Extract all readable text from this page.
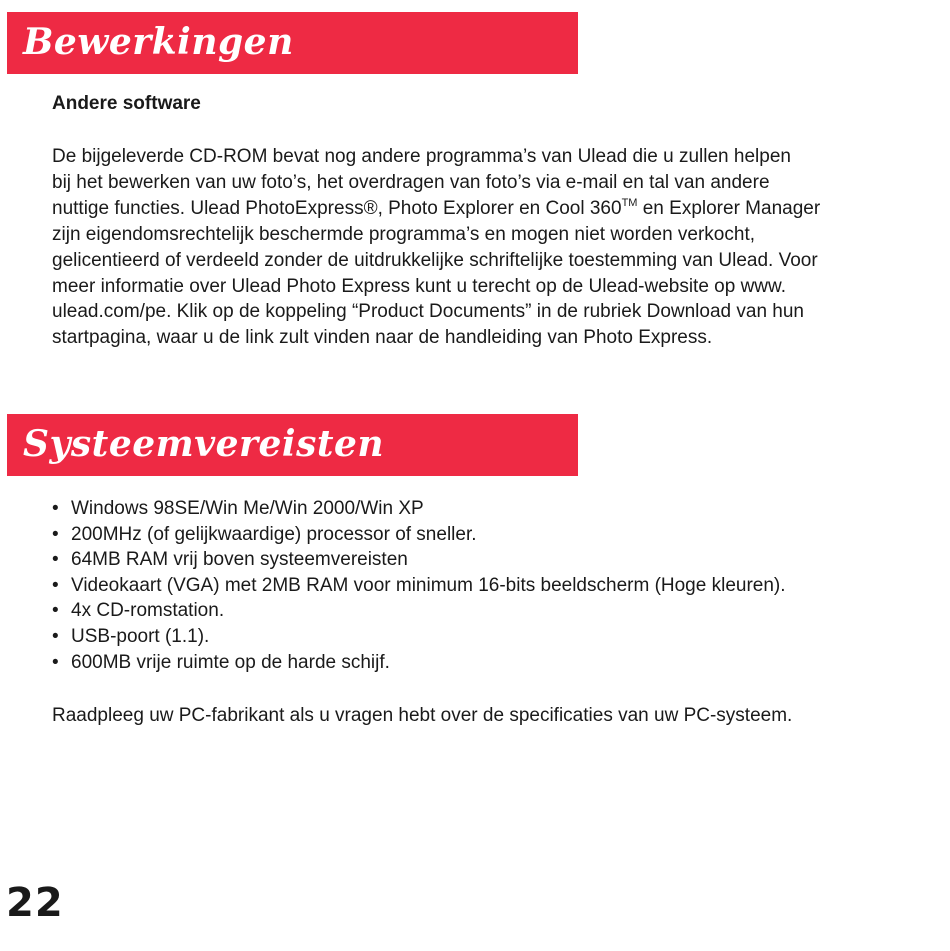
Bewerkingen
Andere software

De bijgeleverde CD-ROM bevat nog andere programma’s van Ulead die u zullen helpen
bij het bewerken van uw foto’s, het overdragen van foto’s via e-mail en tal van andere
nuttige functies. Ulead PhotoExpress®, Photo Explorer en Cool 360™ en Explorer Manager
zijn eigendomsrechtelijk beschermde programma’s en mogen niet worden verkocht,
gelicentieerd of verdeeld zonder de uitdrukkelijke schriftelijke toestemming van Ulead. Voor
meer informatie over Ulead Photo Express kunt u terecht op de Ulead-website op www.
ulead.com/pe. Klik op de koppeling “Product Documents” in de rubriek Download van hun
startpagina, waar u de link zult vinden naar de handleiding van Photo Express.

Systeemvereisten
• Windows 98SE/Win Me/Win 2000/Win XP
• 200MHz (of gelijkwaardige) processor of sneller.
• 64MB RAM vrij boven systeemvereisten
• Videokaart (VGA) met 2MB RAM voor minimum 16-bits beeldscherm (Hoge kleuren).
• 4x CD-romstation.
• USB-poort (1.1).
• 600MB vrije ruimte op de harde schijf.

Raadpleeg uw PC-fabrikant als u vragen hebt over de specificaties van uw PC-systeem.

22
